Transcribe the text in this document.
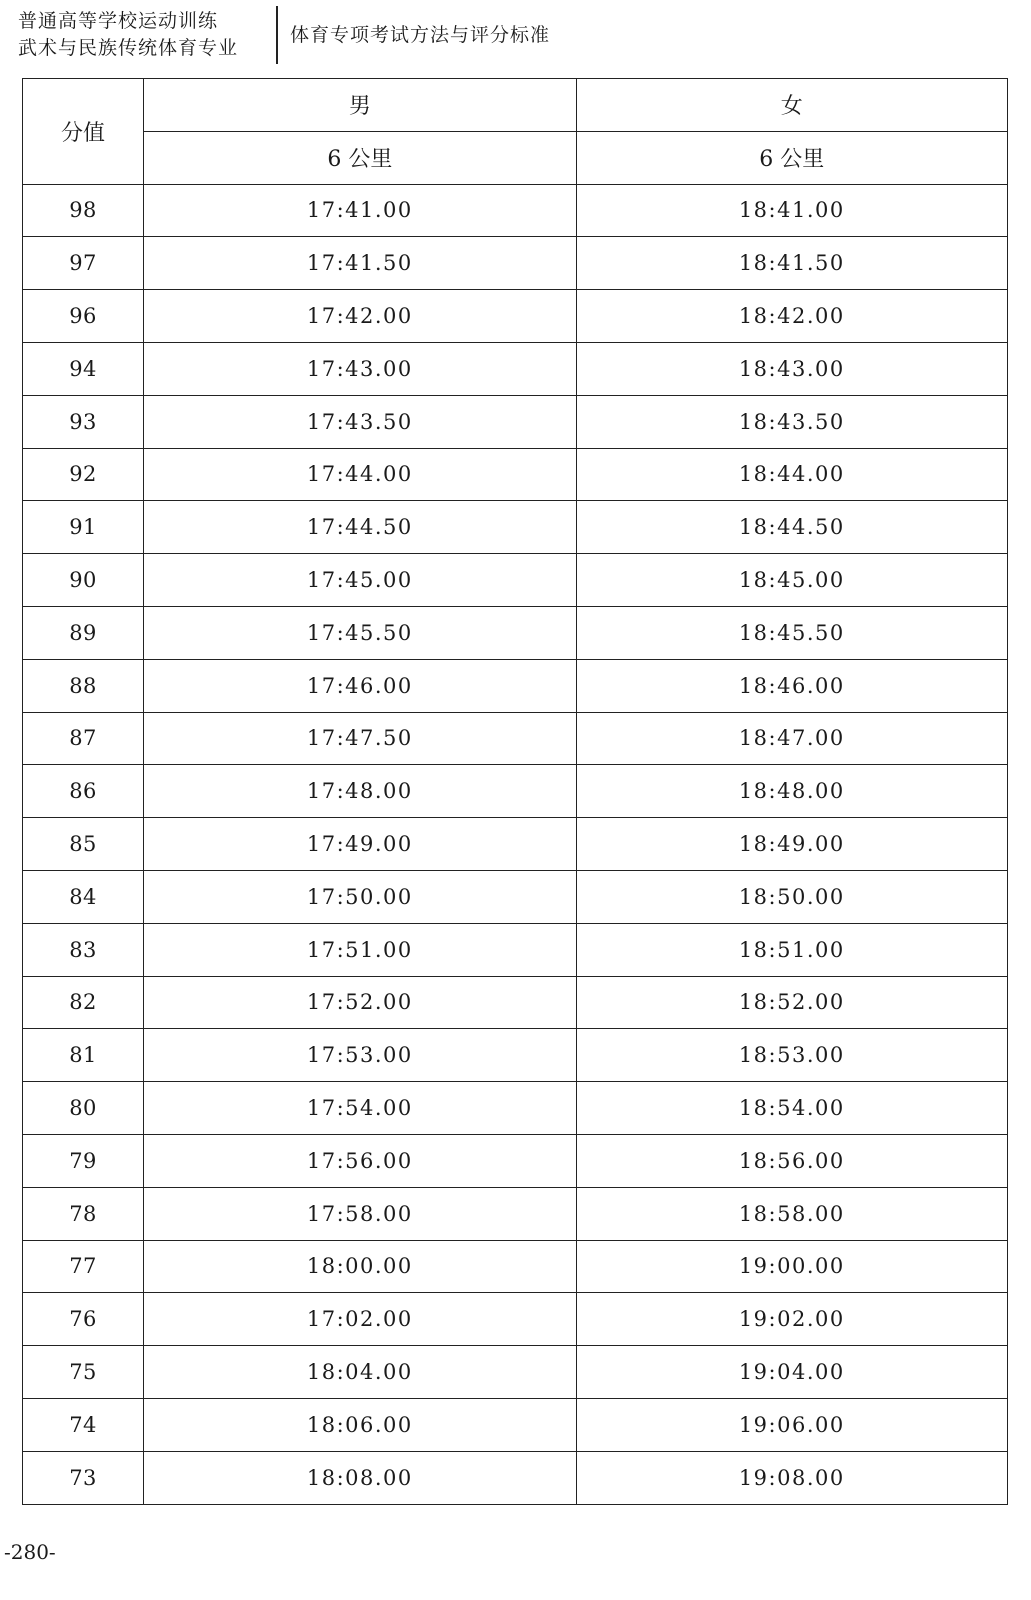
普通高等学校运动训练
武术与民族传统体育专业
体育专项考试方法与评分标准
分值	男	女
	6 公里	6 公里
98	17:41.00	18:41.00
97	17:41.50	18:41.50
96	17:42.00	18:42.00
94	17:43.00	18:43.00
93	17:43.50	18:43.50
92	17:44.00	18:44.00
91	17:44.50	18:44.50
90	17:45.00	18:45.00
89	17:45.50	18:45.50
88	17:46.00	18:46.00
87	17:47.50	18:47.00
86	17:48.00	18:48.00
85	17:49.00	18:49.00
84	17:50.00	18:50.00
83	17:51.00	18:51.00
82	17:52.00	18:52.00
81	17:53.00	18:53.00
80	17:54.00	18:54.00
79	17:56.00	18:56.00
78	17:58.00	18:58.00
77	18:00.00	19:00.00
76	17:02.00	19:02.00
75	18:04.00	19:04.00
74	18:06.00	19:06.00
73	18:08.00	19:08.00
-280-
